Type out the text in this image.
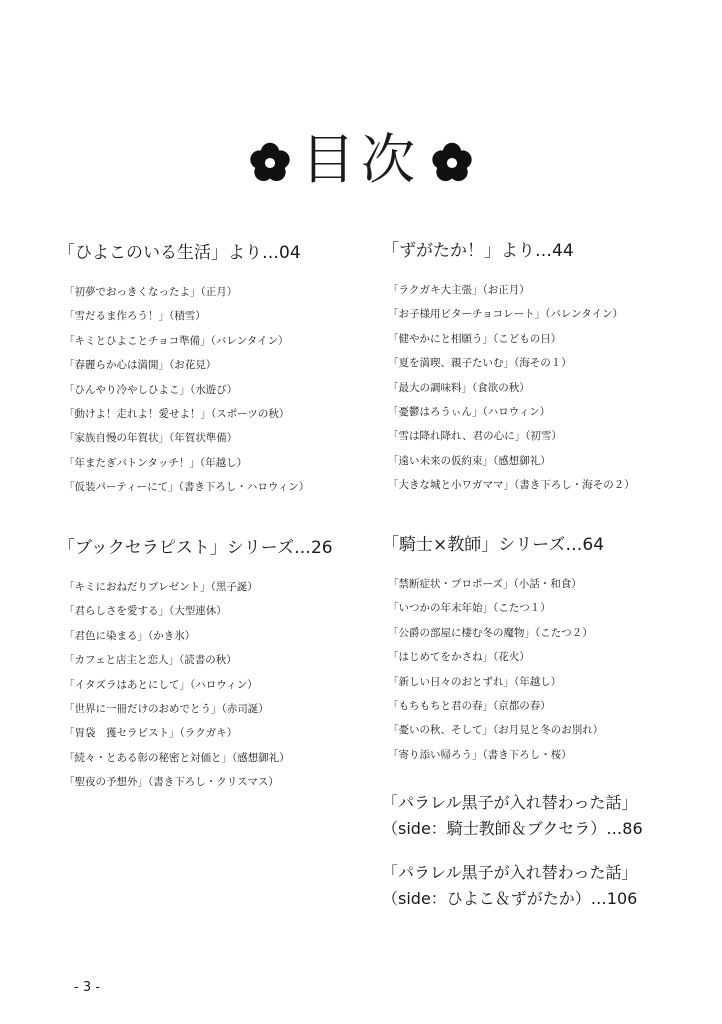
目次
「ひよこのいる生活」より…04
「初夢でおっきくなったよ」（正月）
「雪だるま作ろう！」（積雪）
「キミとひよことチョコ準備」（バレンタイン）
「春麗らか心は満開」（お花見）
「ひんやり冷やしひよこ」（水遊び）
「動けよ！走れよ！愛せよ！」（スポーツの秋）
「家族自慢の年賀状」（年賀状準備）
「年またぎバトンタッチ！」（年越し）
「仮装パーティーにて」（書き下ろし・ハロウィン）
「ずがたか！」より…44
「ラクガキ大主張」（お正月）
「お子様用ビターチョコレート」（バレンタイン）
「健やかにと相願う」（こどもの日）
「夏を満喫、親子たいむ」（海その１）
「最大の調味料」（食欲の秋）
「憂鬱はろうぃん」（ハロウィン）
「雪は降れ降れ、君の心に」（初雪）
「遠い未来の仮約束」（感想御礼）
「大きな城と小ワガママ」（書き下ろし・海その２）
「ブックセラピスト」シリーズ…26
「キミにおねだりプレゼント」（黒子誕）
「君らしさを愛する」（大型連休）
「君色に染まる」（かき氷）
「カフェと店主と恋人」（読書の秋）
「イタズラはあとにして」（ハロウィン）
「世界に一冊だけのおめでとう」（赤司誕）
「胃袋　獲セラピスト」（ラクガキ）
「続々・とある彰の秘密と対価と」（感想御礼）
「聖夜の予想外」（書き下ろし・クリスマス）
「騎士×教師」シリーズ…64
「禁断症状・プロポーズ」（小話・和食）
「いつかの年末年始」（こたつ１）
「公爵の部屋に棲む冬の魔物」（こたつ２）
「はじめてをかさね」（花火）
「新しい日々のおとずれ」（年越し）
「もちもちと君の春」（京都の春）
「憂いの秋、そして」（お月見と冬のお別れ）
「寄り添い帰ろう」（書き下ろし・桜）
「パラレル黒子が入れ替わった話」
（side：騎士教師＆ブクセラ）…86
「パラレル黒子が入れ替わった話」
（side：ひよこ＆ずがたか）…106
- 3 -
